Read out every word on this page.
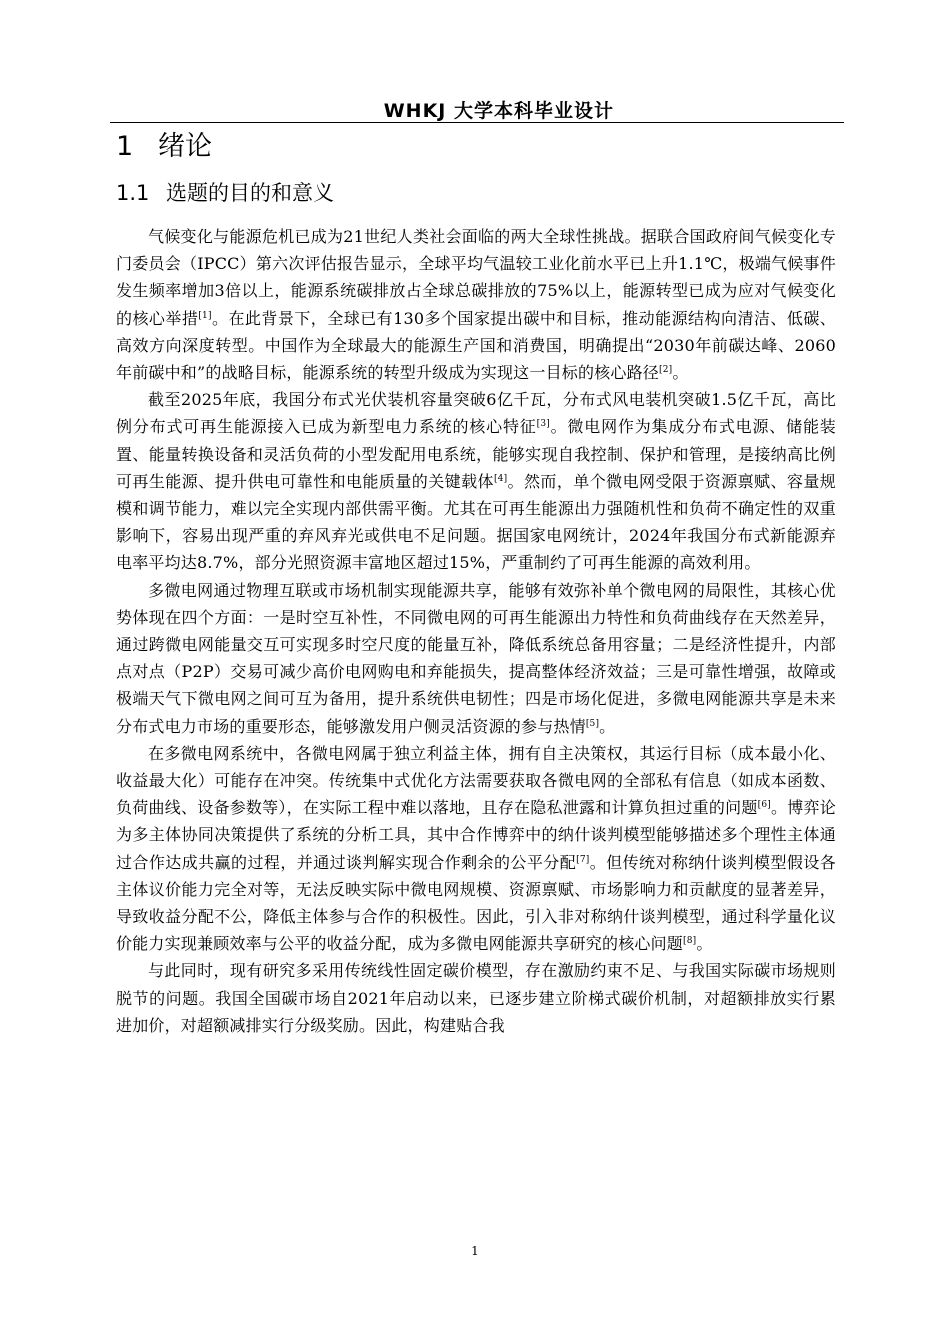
WHKJ 大学本科毕业设计
1 绪论
1.1 选题的目的和意义

气候变化与能源危机已成为21世纪人类社会面临的两大全球性挑战。据联合国政府间气候变化专门委员会（IPCC）第六次评估报告显示，全球平均气温较工业化前水平已上升1.1℃，极端气候事件发生频率增加3倍以上，能源系统碳排放占全球总碳排放的75%以上，能源转型已成为应对气候变化的核心举措[1]。在此背景下，全球已有130多个国家提出碳中和目标，推动能源结构向清洁、低碳、高效方向深度转型。中国作为全球最大的能源生产国和消费国，明确提出“2030年前碳达峰、2060年前碳中和”的战略目标，能源系统的转型升级成为实现这一目标的核心路径[2]。

截至2025年底，我国分布式光伏装机容量突破6亿千瓦，分布式风电装机突破1.5亿千瓦，高比例分布式可再生能源接入已成为新型电力系统的核心特征[3]。微电网作为集成分布式电源、储能装置、能量转换设备和灵活负荷的小型发配用电系统，能够实现自我控制、保护和管理，是接纳高比例可再生能源、提升供电可靠性和电能质量的关键载体[4]。然而，单个微电网受限于资源禀赋、容量规模和调节能力，难以完全实现内部供需平衡。尤其在可再生能源出力强随机性和负荷不确定性的双重影响下，容易出现严重的弃风弃光或供电不足问题。据国家电网统计，2024年我国分布式新能源弃电率平均达8.7%，部分光照资源丰富地区超过15%，严重制约了可再生能源的高效利用。

多微电网通过物理互联或市场机制实现能源共享，能够有效弥补单个微电网的局限性，其核心优势体现在四个方面：一是时空互补性，不同微电网的可再生能源出力特性和负荷曲线存在天然差异，通过跨微电网能量交互可实现多时空尺度的能量互补，降低系统总备用容量；二是经济性提升，内部点对点（P2P）交易可减少高价电网购电和弃能损失，提高整体经济效益；三是可靠性增强，故障或极端天气下微电网之间可互为备用，提升系统供电韧性；四是市场化促进，多微电网能源共享是未来分布式电力市场的重要形态，能够激发用户侧灵活资源的参与热情[5]。

在多微电网系统中，各微电网属于独立利益主体，拥有自主决策权，其运行目标（成本最小化、收益最大化）可能存在冲突。传统集中式优化方法需要获取各微电网的全部私有信息（如成本函数、负荷曲线、设备参数等），在实际工程中难以落地，且存在隐私泄露和计算负担过重的问题[6]。博弈论为多主体协同决策提供了系统的分析工具，其中合作博弈中的纳什谈判模型能够描述多个理性主体通过合作达成共赢的过程，并通过谈判解实现合作剩余的公平分配[7]。但传统对称纳什谈判模型假设各主体议价能力完全对等，无法反映实际中微电网规模、资源禀赋、市场影响力和贡献度的显著差异，导致收益分配不公，降低主体参与合作的积极性。因此，引入非对称纳什谈判模型，通过科学量化议价能力实现兼顾效率与公平的收益分配，成为多微电网能源共享研究的核心问题[8]。

与此同时，现有研究多采用传统线性固定碳价模型，存在激励约束不足、与我国实际碳市场规则脱节的问题。我国全国碳市场自2021年启动以来，已逐步建立阶梯式碳价机制，对超额排放实行累进加价，对超额减排实行分级奖励。因此，构建贴合我

1
